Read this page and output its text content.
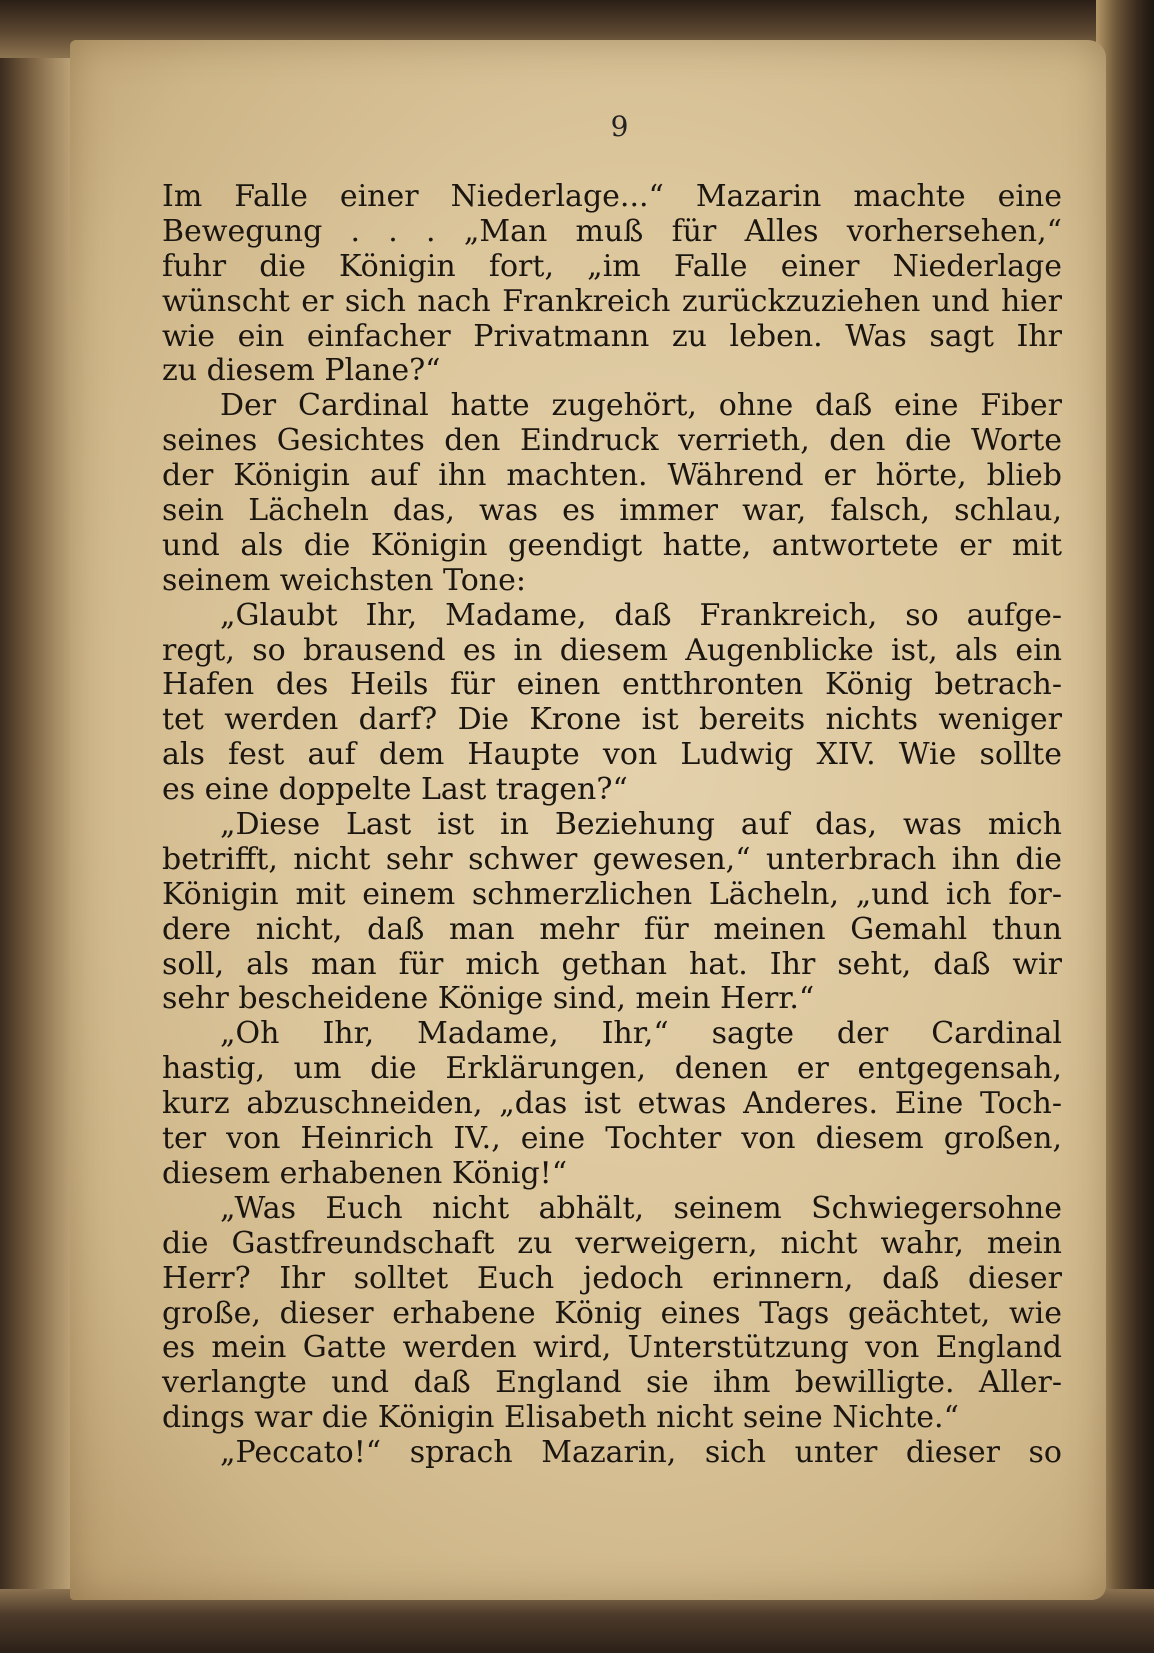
9
Im Falle einer Niederlage...“ Mazarin machte eine
Bewegung . . . „Man muß für Alles vorhersehen,“
fuhr die Königin fort, „im Falle einer Niederlage
wünscht er sich nach Frankreich zurückzuziehen und hier
wie ein einfacher Privatmann zu leben. Was sagt Ihr
zu diesem Plane?“
Der Cardinal hatte zugehört, ohne daß eine Fiber
seines Gesichtes den Eindruck verrieth, den die Worte
der Königin auf ihn machten. Während er hörte, blieb
sein Lächeln das, was es immer war, falsch, schlau,
und als die Königin geendigt hatte, antwortete er mit
seinem weichsten Tone:
„Glaubt Ihr, Madame, daß Frankreich, so aufge-
regt, so brausend es in diesem Augenblicke ist, als ein
Hafen des Heils für einen entthronten König betrach-
tet werden darf? Die Krone ist bereits nichts weniger
als fest auf dem Haupte von Ludwig XIV. Wie sollte
es eine doppelte Last tragen?“
„Diese Last ist in Beziehung auf das, was mich
betrifft, nicht sehr schwer gewesen,“ unterbrach ihn die
Königin mit einem schmerzlichen Lächeln, „und ich for-
dere nicht, daß man mehr für meinen Gemahl thun
soll, als man für mich gethan hat. Ihr seht, daß wir
sehr bescheidene Könige sind, mein Herr.“
„Oh Ihr, Madame, Ihr,“ sagte der Cardinal
hastig, um die Erklärungen, denen er entgegensah,
kurz abzuschneiden, „das ist etwas Anderes. Eine Toch-
ter von Heinrich IV., eine Tochter von diesem großen,
diesem erhabenen König!“
„Was Euch nicht abhält, seinem Schwiegersohne
die Gastfreundschaft zu verweigern, nicht wahr, mein
Herr? Ihr solltet Euch jedoch erinnern, daß dieser
große, dieser erhabene König eines Tags geächtet, wie
es mein Gatte werden wird, Unterstützung von England
verlangte und daß England sie ihm bewilligte. Aller-
dings war die Königin Elisabeth nicht seine Nichte.“
„Peccato!“ sprach Mazarin, sich unter dieser so
